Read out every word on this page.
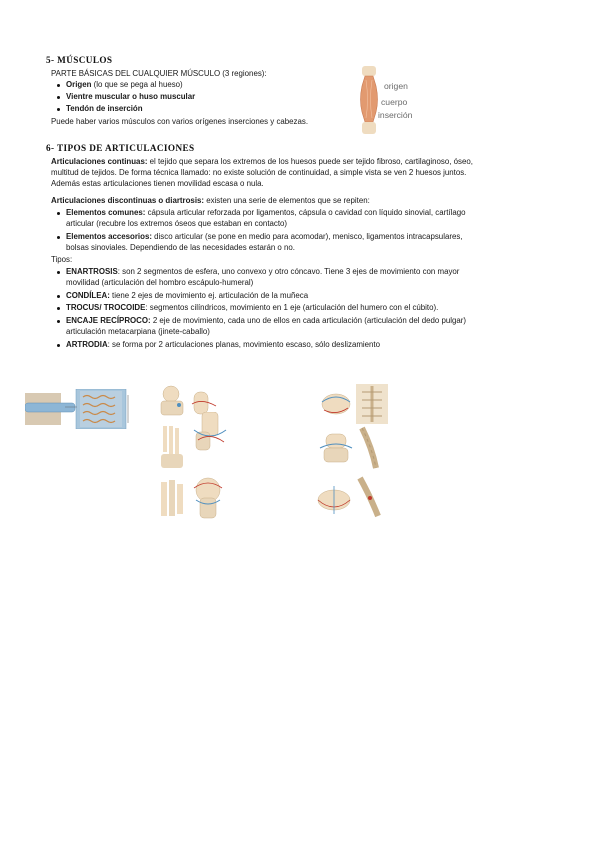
5- MÚSCULOS
PARTE BÁSICAS DEL CUALQUIER MÚSCULO (3 regiones):
Origen (lo que se pega al hueso)
Vientre muscular o huso muscular
Tendón de inserción
Puede haber varios músculos con varios orígenes inserciones y cabezas.
origen
cuerpo
inserción
6- TIPOS DE ARTICULACIONES
Articulaciones continuas: el tejido que separa los extremos de los huesos puede ser tejido fibroso, cartilaginoso, óseo,
multitud de tejidos. De forma técnica llamado: no existe solución de continuidad, a simple vista se ven 2 huesos juntos.
Además estas articulaciones tienen movilidad escasa o nula.
Articulaciones discontinuas o diartrosis: existen una serie de elementos que se repiten:
Elementos comunes: cápsula articular reforzada por ligamentos, cápsula o cavidad con líquido sinovial, cartílago
articular (recubre los extremos óseos que estaban en contacto)
Elementos accesorios: disco articular (se pone en medio para acomodar), menisco, ligamentos intracapsulares,
bolsas sinoviales. Dependiendo de las necesidades estarán o no.
Tipos:
ENARTROSIS: son 2 segmentos de esfera, uno convexo y otro cóncavo. Tiene 3 ejes de movimiento con mayor
movilidad (articulación del hombro escápulo-humeral)
CONDÍLEA: tiene 2 ejes de movimiento ej. articulación de la muñeca
TROCUS/ TROCOIDE: segmentos cilíndricos, movimiento en 1 eje (articulación del humero con el cúbito).
ENCAJE RECÍPROCO: 2 eje de movimiento, cada uno de ellos en cada articulación (articulación del dedo pulgar)
articulación metacarpiana (jinete-caballo)
ARTRODIA: se forma por 2 articulaciones planas, movimiento escaso, sólo deslizamiento
